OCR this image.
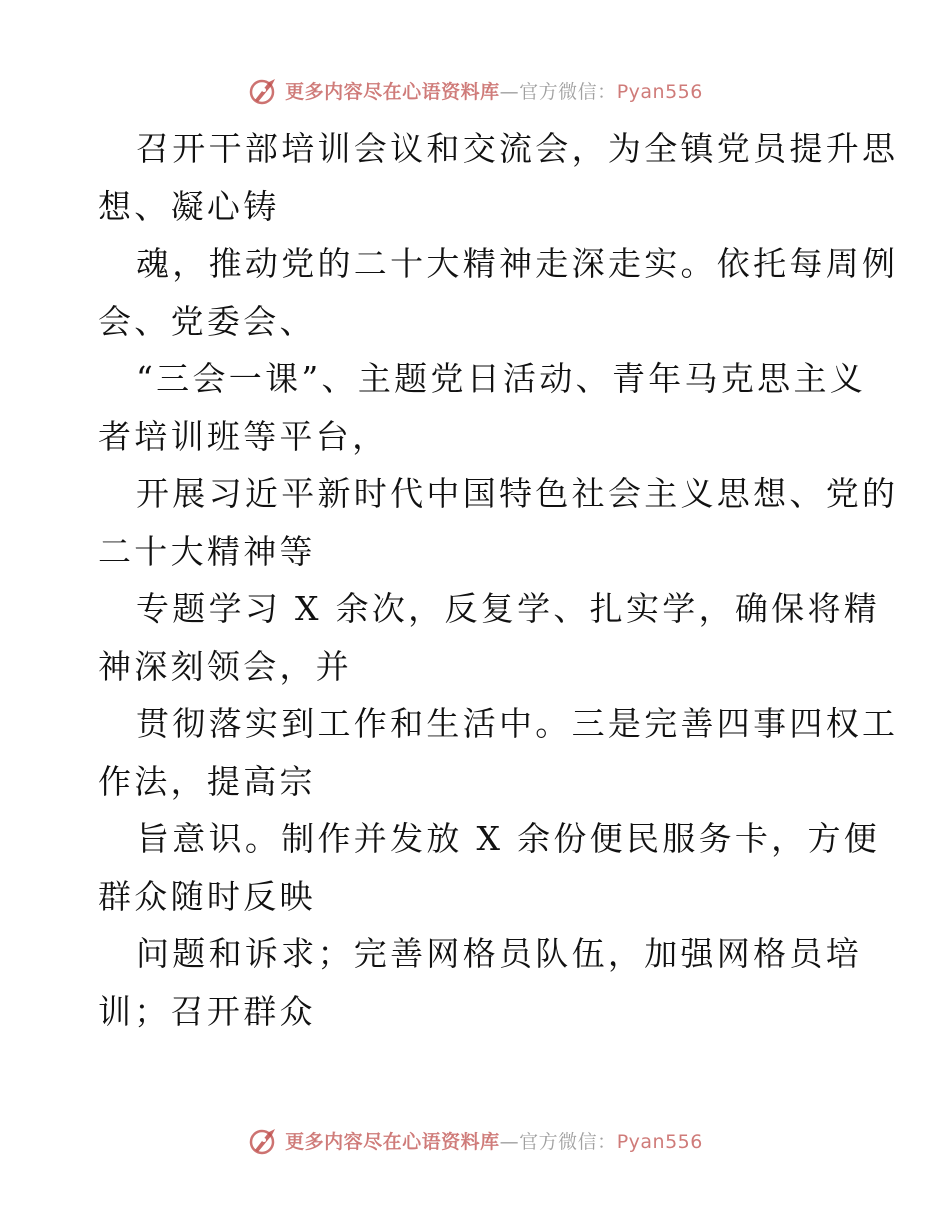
更多内容尽在心语资料库—官方微信：Pyan556
召开干部培训会议和交流会，为全镇党员提升思
想、凝心铸
魂，推动党的二十大精神走深走实。依托每周例
会、党委会、
“三会一课”、主题党日活动、青年马克思主义
者培训班等平台，
开展习近平新时代中国特色社会主义思想、党的
二十大精神等
专题学习 X 余次，反复学、扎实学，确保将精
神深刻领会，并
贯彻落实到工作和生活中。三是完善四事四权工
作法，提高宗
旨意识。制作并发放 X 余份便民服务卡，方便
群众随时反映
问题和诉求；完善网格员队伍，加强网格员培
训；召开群众
更多内容尽在心语资料库—官方微信：Pyan556
